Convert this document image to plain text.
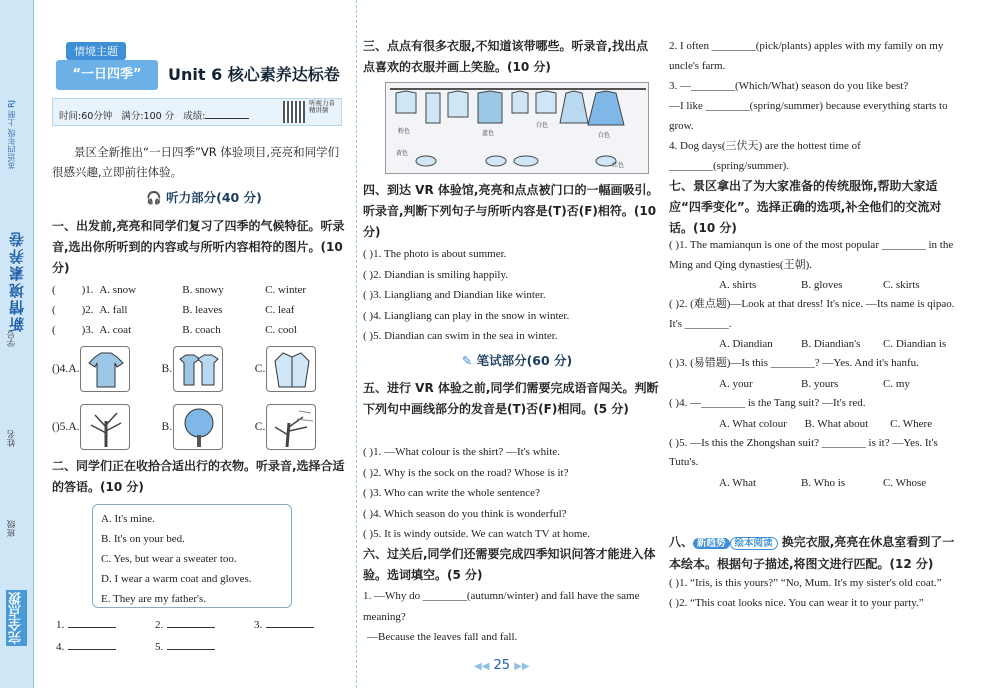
英语四年级 上册 RJ
新情境素养卷
学号
姓名
班级
完全点拨
情境主题
“一日四季”	Unit 6 核心素养达标卷
时间:60分钟 满分:100 分 成绩:
听视力音精讲频

景区全新推出“一日四季”VR 体验项目,亮亮和同学们很感兴趣,立即前往体验。

🎧 听力部分(40 分)

一、出发前,亮亮和同学们复习了四季的气候特征。听录音,选出你所听到的内容或与所听内容相符的图片。(10 分)

(	)1. A. snow	B. snowy	C. winter
(	)2. A. fall	B. leaves	C. leaf
(	)3. A. coat	B. coach	C. cool
( )4. A.	B.	C.
( )5. A.	B.	C.

二、同学们正在收拾合适出行的衣物。听录音,选择合适的答语。(10 分)

A. It's mine.
B. It's on your bed.
C. Yes, but wear a sweater too.
D. I wear a warm coat and gloves.
E. They are my father's.
1.	2.	3.
4.	5.

三、点点有很多衣服,不知道该带哪些。听录音,找出点点喜欢的衣服并画上笑脸。(10 分)

粉色	蓝色
白色
白色
黄色
红色

四、到达 VR 体验馆,亮亮和点点被门口的一幅画吸引。听录音,判断下列句子与所听内容是(T)否(F)相符。(10 分)

( )1. The photo is about summer.
( )2. Diandian is smiling happily.
( )3. Liangliang and Diandian like winter.
( )4. Liangliang can play in the snow in winter.
( )5. Diandian can swim in the sea in winter.
✎ 笔试部分(60 分)

五、进行 VR 体验之前,同学们需要完成语音闯关。判断下列句中画线部分的发音是(T)否(F)相同。(5 分)

( )1. —What colour is the shirt? —It's white.
( )2. Why is the sock on the road? Whose is it?
( )3. Who can write the whole sentence?
( )4. Which season do you think is wonderful?
( )5. It is windy outside. We can watch TV at home.

六、过关后,同学们还需要完成四季知识问答才能进入体验。选词填空。(5 分)

1. —Why do ________(autumn/winter) and fall have the same meaning?
—Because the leaves fall and fall.
2. I often ________(pick/plants) apples with my family on my uncle's farm.
3. —________(Which/What) season do you like best?
—I like ________(spring/summer) because everything starts to grow.
4. Dog days(三伏天) are the hottest time of ________(spring/summer).

七、景区拿出了为大家准备的传统服饰,帮助大家适应“四季变化”。选择正确的选项,补全他们的交流对话。(10 分)

( )1. The mamianqun is one of the most popular ________ in the Ming and Qing dynasties(王朝).
A. shirts	B. gloves	C. skirts
( )2. (难点题)—Look at that dress! It's nice. —Its name is qipao. It's ________.
A. Diandian	B. Diandian's	C. Diandian is
( )3. (易错题)—Is this ________? —Yes. And it's hanfu.
A. your	B. yours	C. my
( )4. —________ is the Tang suit? —It's red.
A. What colour	B. What about	C. Where
( )5. —Is this the Zhongshan suit? ________ is it? —Yes. It's Tutu's.
A. What	B. Who is	C. Whose
八、 新趋势 绘本阅读 换完衣服,亮亮在休息室看到了一本绘本。根据句子描述,将图文进行匹配。(12 分)
( )1. “Iris, is this yours?” “No, Mum. It's my sister's old coat.”
( )2. “This coat looks nice. You can wear it to your party.”
◀◀ 25 ▶▶
